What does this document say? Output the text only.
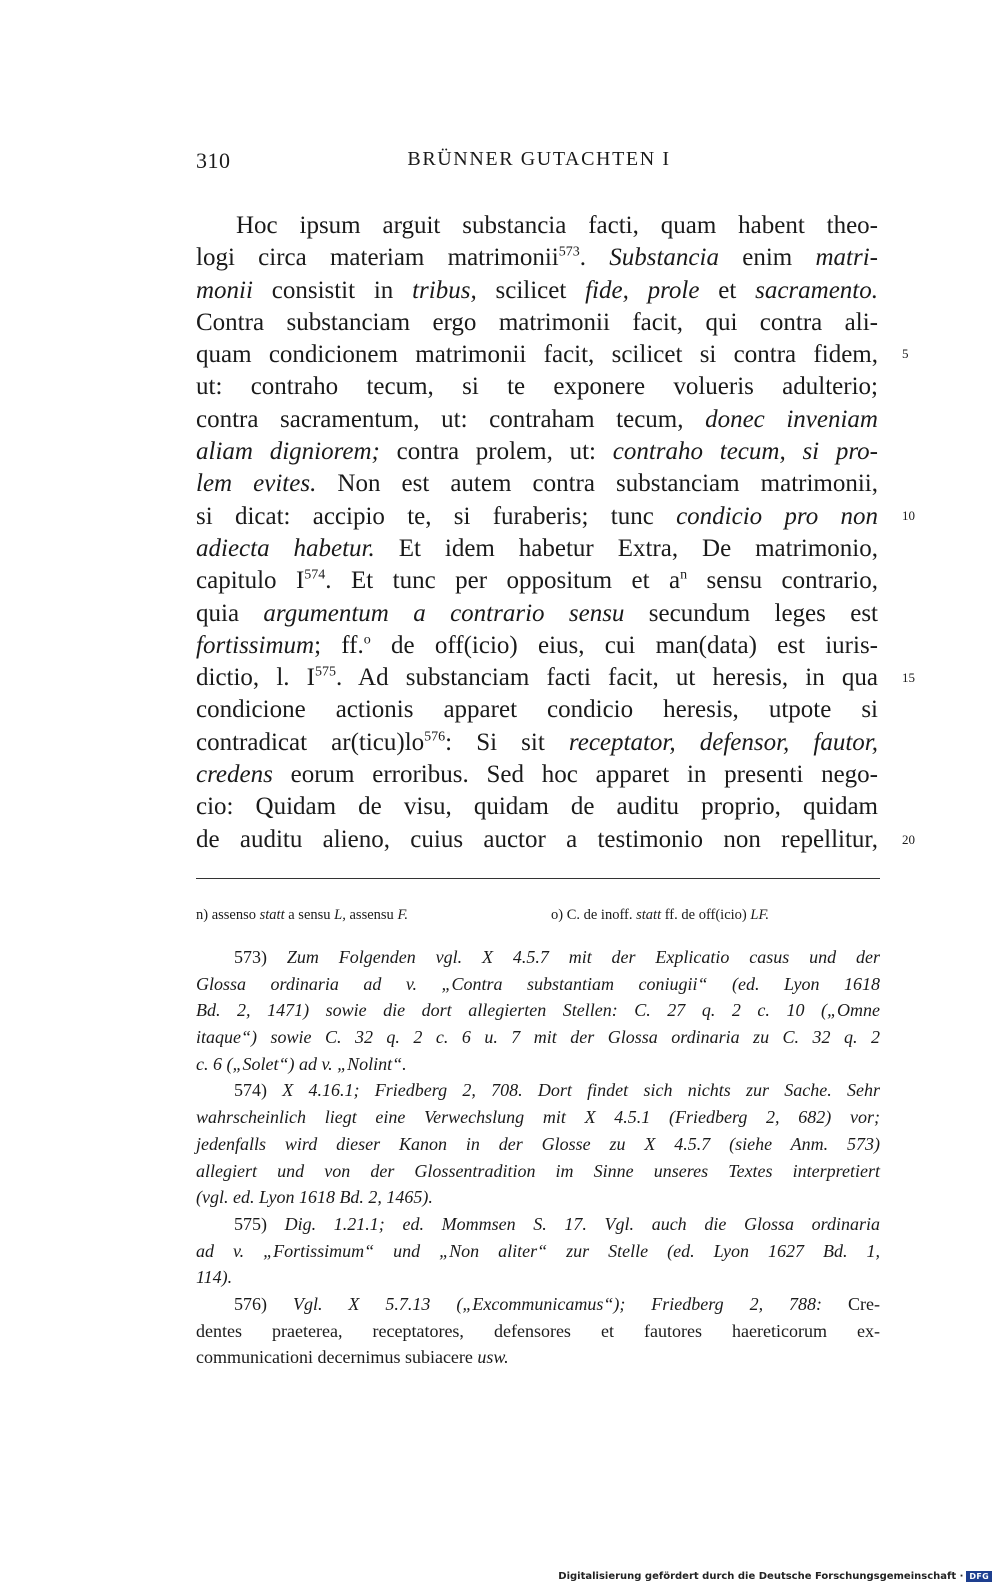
310	BRÜNNER GUTACHTEN I
Hoc ipsum arguit substancia facti, quam habent theo-
logi circa materiam matrimonii$^{573}$. Substancia enim matri-
monii consistit in tribus, scilicet fide, prole et sacramento.
Contra substanciam ergo matrimonii facit, qui contra ali-
quam condicionem matrimonii facit, scilicet si contra fidem,
ut: contraho tecum, si te exponere volueris adulterio;
contra sacramentum, ut: contraham tecum, donec inveniam
aliam digniorem; contra prolem, ut: contraho tecum, si pro-
lem evites. Non est autem contra substanciam matrimonii,
si dicat: accipio te, si furaberis; tunc condicio pro non
adiecta habetur. Et idem habetur Extra, De matrimonio,
capitulo $I^{574}$. Et tunc per oppositum et $a^n$ sensu contrario,
quia argumentum a contrario sensu secundum leges est
fortissimum; ff.$^o$ de off(icio) eius, cui man(data) est iuris-
dictio, l. $I^{575}$. Ad substanciam facti facit, ut heresis, in qua
condicione actionis apparet condicio heresis, utpote si
contradicat $ar(ticu)lo^{576}$: Si sit receptator, defensor, fautor,
credens eorum erroribus. Sed hoc apparet in presenti nego-
cio: Quidam de visu, quidam de auditu proprio, quidam
de auditu alieno, cuius auctor a testimonio non repellitur,
5
10
15
20
n) assenso statt a sensu L, assensu F.	o) C. de inoff. statt ff. de off(icio) LF.
573) Zum Folgenden vgl. X 4.5.7 mit der Explicatio casus und der
Glossa ordinaria ad v. „Contra substantiam coniugii“ (ed. Lyon 1618
Bd. 2, 1471) sowie die dort allegierten Stellen: C. 27 q. 2 c. 10 („Omne
itaque“) sowie C. 32 q. 2 c. 6 u. 7 mit der Glossa ordinaria zu C. 32 q. 2
c. 6 („Solet“) ad v. „Nolint“.
574) X 4.16.1; Friedberg 2, 708. Dort findet sich nichts zur Sache. Sehr
wahrscheinlich liegt eine Verwechslung mit X 4.5.1 (Friedberg 2, 682) vor;
jedenfalls wird dieser Kanon in der Glosse zu X 4.5.7 (siehe Anm. 573)
allegiert und von der Glossentradition im Sinne unseres Textes interpretiert
(vgl. ed. Lyon 1618 Bd. 2, 1465).
575) Dig. 1.21.1; ed. Mommsen S. 17. Vgl. auch die Glossa ordinaria
ad v. „Fortissimum“ und „Non aliter“ zur Stelle (ed. Lyon 1627 Bd. 1,
114).
576) Vgl. X 5.7.13 („Excommunicamus“); Friedberg 2, 788: Cre-
dentes praeterea, receptatores, defensores et fautores haereticorum ex-
communicationi decernimus subiacere usw.
Digitalisierung gefördert durch die Deutsche Forschungsgemeinschaft · DFG
